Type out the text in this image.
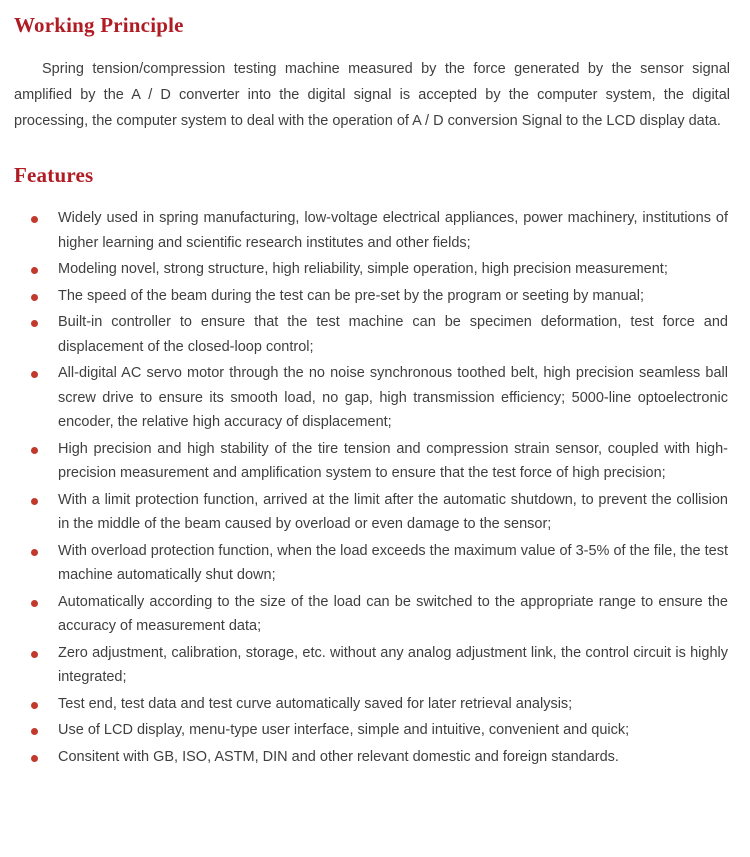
Working Principle

Spring tension/compression testing machine measured by the force generated by the sensor signal amplified by the A / D converter into the digital signal is accepted by the computer system, the digital processing, the computer system to deal with the operation of A / D conversion Signal to the LCD display data.

Features
Widely used in spring manufacturing, low-voltage electrical appliances, power machinery, institutions of higher learning and scientific research institutes and other fields;
Modeling novel, strong structure, high reliability, simple operation, high precision measurement;
The speed of the beam during the test can be pre-set by the program or seeting by manual;
Built-in controller to ensure that the test machine can be specimen deformation, test force and displacement of the closed-loop control;
All-digital AC servo motor through the no noise synchronous toothed belt, high precision seamless ball screw drive to ensure its smooth load, no gap, high transmission efficiency; 5000-line optoelectronic encoder, the relative high accuracy of displacement;
High precision and high stability of the tire tension and compression strain sensor, coupled with high-precision measurement and amplification system to ensure that the test force of high precision;
With a limit protection function, arrived at the limit after the automatic shutdown, to prevent the collision in the middle of the beam caused by overload or even damage to the sensor;
With overload protection function, when the load exceeds the maximum value of 3-5% of the file, the test machine automatically shut down;
Automatically according to the size of the load can be switched to the appropriate range to ensure the accuracy of measurement data;
Zero adjustment, calibration, storage, etc. without any analog adjustment link, the control circuit is highly integrated;
Test end, test data and test curve automatically saved for later retrieval analysis;
Use of LCD display, menu-type user interface, simple and intuitive, convenient and quick;
Consitent with GB, ISO, ASTM, DIN and other relevant domestic and foreign standards.
